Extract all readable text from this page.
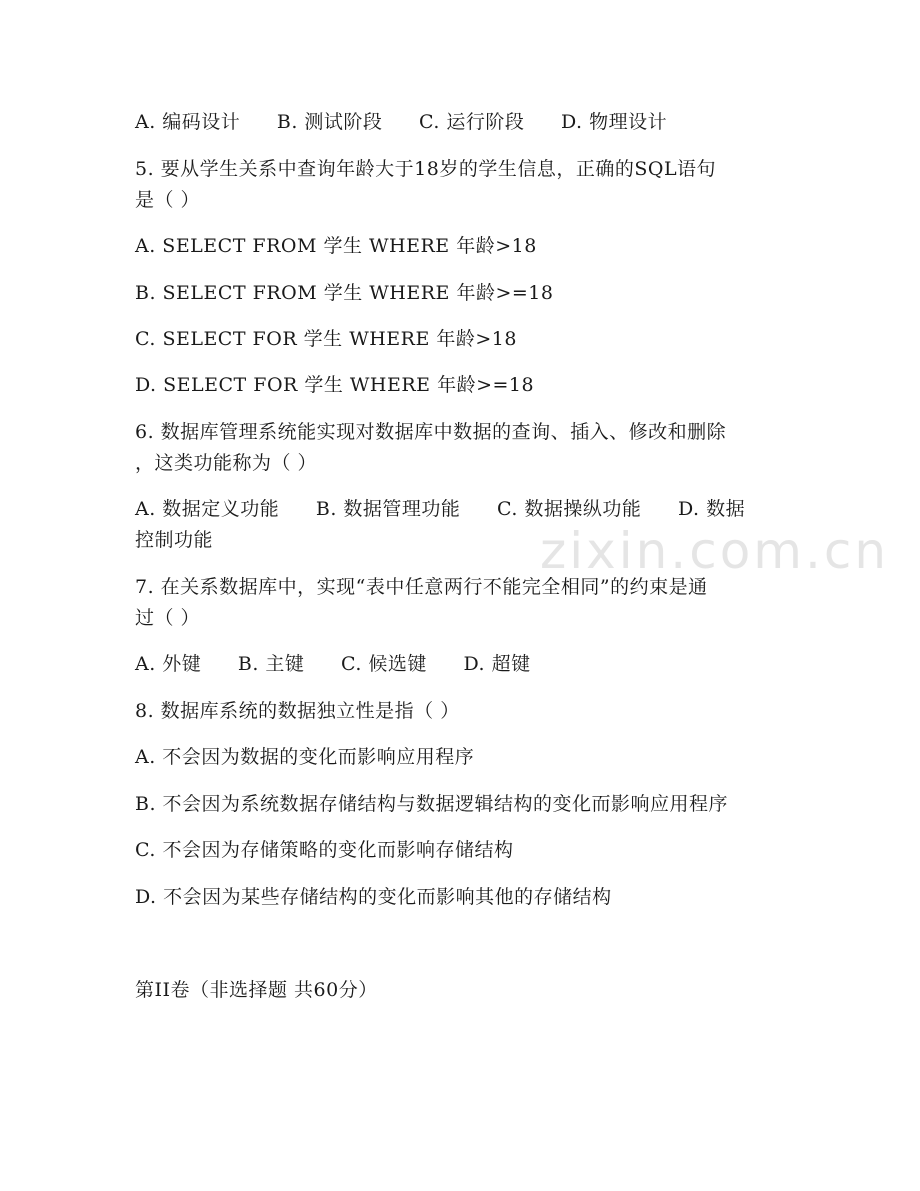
A. 编码设计 B. 测试阶段 C. 运行阶段 D. 物理设计
5. 要从学生关系中查询年龄大于18岁的学生信息，正确的SQL语句
是（ ）
A. SELECT FROM 学生 WHERE 年龄>18
B. SELECT FROM 学生 WHERE 年龄>=18
C. SELECT FOR 学生 WHERE 年龄>18
D. SELECT FOR 学生 WHERE 年龄>=18
6. 数据库管理系统能实现对数据库中数据的查询、插入、修改和删除
，这类功能称为（ ）
A. 数据定义功能 B. 数据管理功能 C. 数据操纵功能 D. 数据
控制功能
7. 在关系数据库中，实现“表中任意两行不能完全相同”的约束是通
过（ ）
A. 外键 B. 主键 C. 候选键 D. 超键
8. 数据库系统的数据独立性是指（ ）
A. 不会因为数据的变化而影响应用程序
B. 不会因为系统数据存储结构与数据逻辑结构的变化而影响应用程序
C. 不会因为存储策略的变化而影响存储结构
D. 不会因为某些存储结构的变化而影响其他的存储结构
第II卷（非选择题 共60分）
zixin.com.cn
